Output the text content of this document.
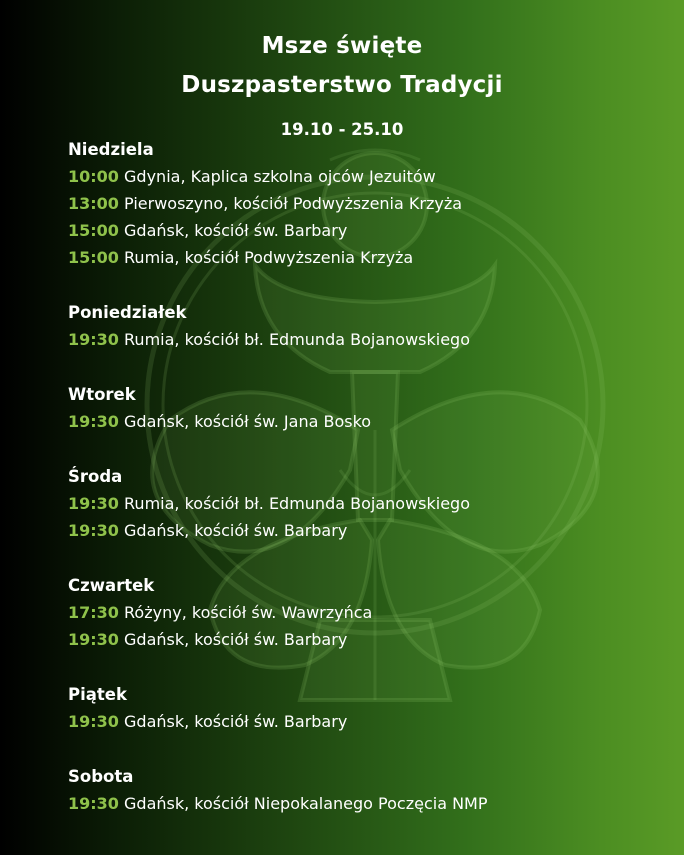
Msze święte
Duszpasterstwo Tradycji
19.10 - 25.10
Niedziela
10:00 Gdynia, Kaplica szkolna ojców Jezuitów
13:00 Pierwoszyno, kościół Podwyższenia Krzyża
15:00 Gdańsk, kościół św. Barbary
15:00 Rumia, kościół Podwyższenia Krzyża
Poniedziałek
19:30 Rumia, kościół bł. Edmunda Bojanowskiego
Wtorek
19:30 Gdańsk, kościół św. Jana Bosko
Środa
19:30 Rumia, kościół bł. Edmunda Bojanowskiego
19:30 Gdańsk, kościół św. Barbary
Czwartek
17:30 Różyny, kościół św. Wawrzyńca
19:30 Gdańsk, kościół św. Barbary
Piątek
19:30 Gdańsk, kościół św. Barbary
Sobota
19:30 Gdańsk, kościół Niepokalanego Poczęcia NMP
